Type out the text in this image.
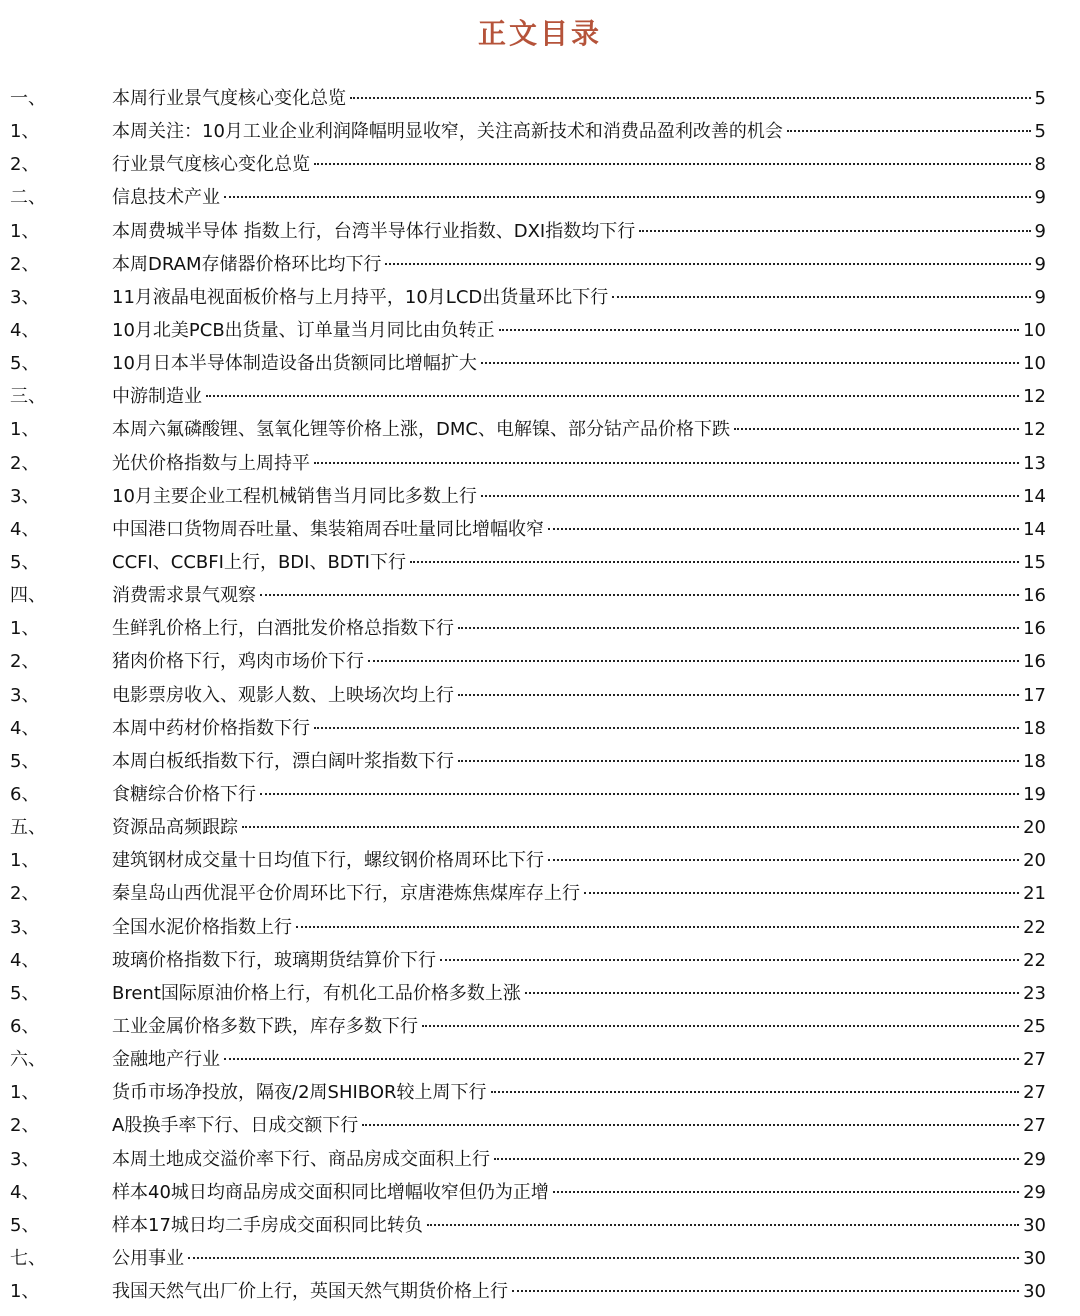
正文目录
一、	本周行业景气度核心变化总览	5
1、	本周关注：10月工业企业利润降幅明显收窄，关注高新技术和消费品盈利改善的机会	5
2、	行业景气度核心变化总览	8
二、	信息技术产业	9
1、	本周费城半导体 指数上行，台湾半导体行业指数、DXI指数均下行	9
2、	本周DRAM存储器价格环比均下行	9
3、	11月液晶电视面板价格与上月持平，10月LCD出货量环比下行	9
4、	10月北美PCB出货量、订单量当月同比由负转正	10
5、	10月日本半导体制造设备出货额同比增幅扩大	10
三、	中游制造业	12
1、	本周六氟磷酸锂、氢氧化锂等价格上涨，DMC、电解镍、部分钴产品价格下跌	12
2、	光伏价格指数与上周持平	13
3、	10月主要企业工程机械销售当月同比多数上行	14
4、	中国港口货物周吞吐量、集装箱周吞吐量同比增幅收窄	14
5、	CCFI、CCBFI上行，BDI、BDTI下行	15
四、	消费需求景气观察	16
1、	生鲜乳价格上行，白酒批发价格总指数下行	16
2、	猪肉价格下行，鸡肉市场价下行	16
3、	电影票房收入、观影人数、上映场次均上行	17
4、	本周中药材价格指数下行	18
5、	本周白板纸指数下行，漂白阔叶浆指数下行	18
6、	食糖综合价格下行	19
五、	资源品高频跟踪	20
1、	建筑钢材成交量十日均值下行，螺纹钢价格周环比下行	20
2、	秦皇岛山西优混平仓价周环比下行，京唐港炼焦煤库存上行	21
3、	全国水泥价格指数上行	22
4、	玻璃价格指数下行，玻璃期货结算价下行	22
5、	Brent国际原油价格上行，有机化工品价格多数上涨	23
6、	工业金属价格多数下跌，库存多数下行	25
六、	金融地产行业	27
1、	货币市场净投放，隔夜/2周SHIBOR较上周下行	27
2、	A股换手率下行、日成交额下行	27
3、	本周土地成交溢价率下行、商品房成交面积上行	29
4、	样本40城日均商品房成交面积同比增幅收窄但仍为正增	29
5、	样本17城日均二手房成交面积同比转负	30
七、	公用事业	30
1、	我国天然气出厂价上行，英国天然气期货价格上行	30
